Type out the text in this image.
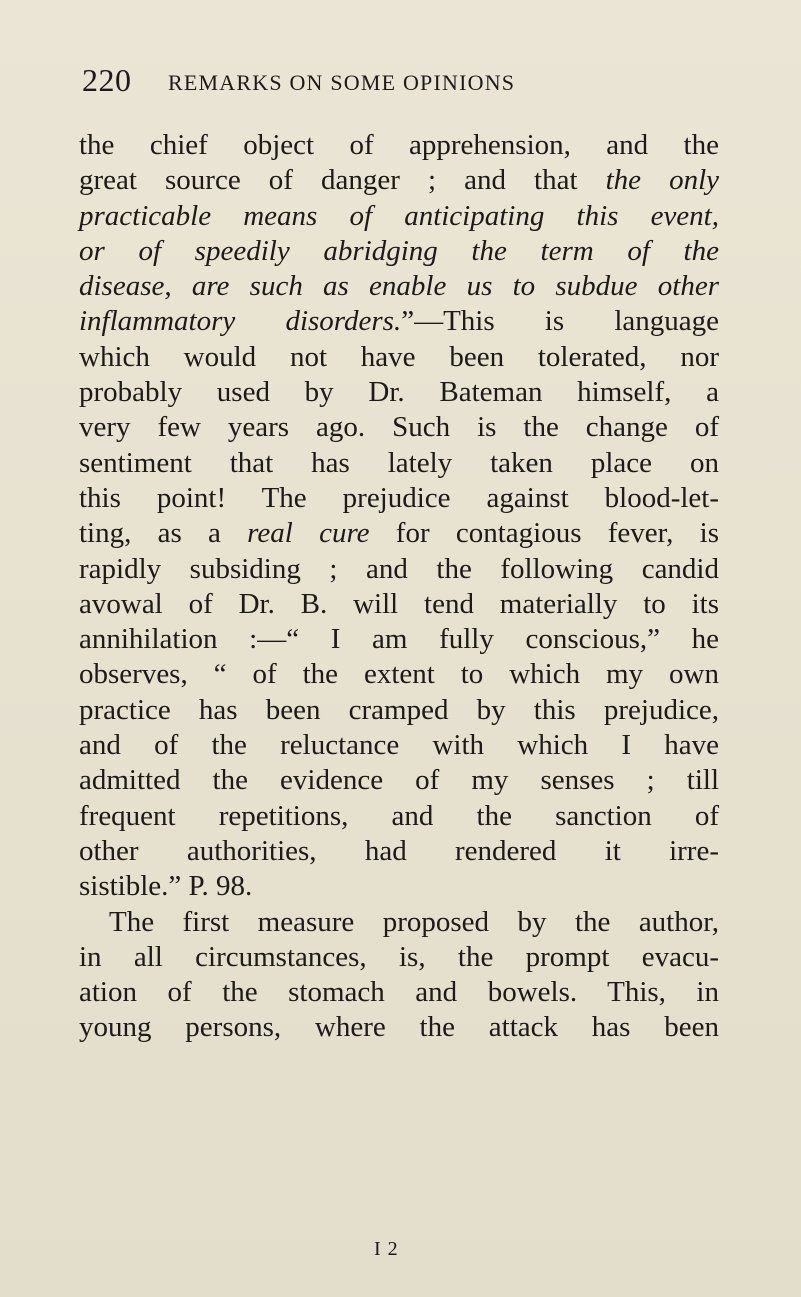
220 REMARKS ON SOME OPINIONS
the chief object of apprehension, and the
great source of danger ; and that the only
practicable means of anticipating this event,
or of speedily abridging the term of the
disease, are such as enable us to subdue other
inflammatory disorders.”—This is language
which would not have been tolerated, nor
probably used by Dr. Bateman himself, a
very few years ago. Such is the change of
sentiment that has lately taken place on
this point! The prejudice against blood-let-
ting, as a real cure for contagious fever, is
rapidly subsiding ; and the following candid
avowal of Dr. B. will tend materially to its
annihilation :—“ I am fully conscious,” he
observes, “ of the extent to which my own
practice has been cramped by this prejudice,
and of the reluctance with which I have
admitted the evidence of my senses ; till
frequent repetitions, and the sanction of
other authorities, had rendered it irre-
sistible.” P. 98.
The first measure proposed by the author,
in all circumstances, is, the prompt evacu-
ation of the stomach and bowels. This, in
young persons, where the attack has been
I 2
